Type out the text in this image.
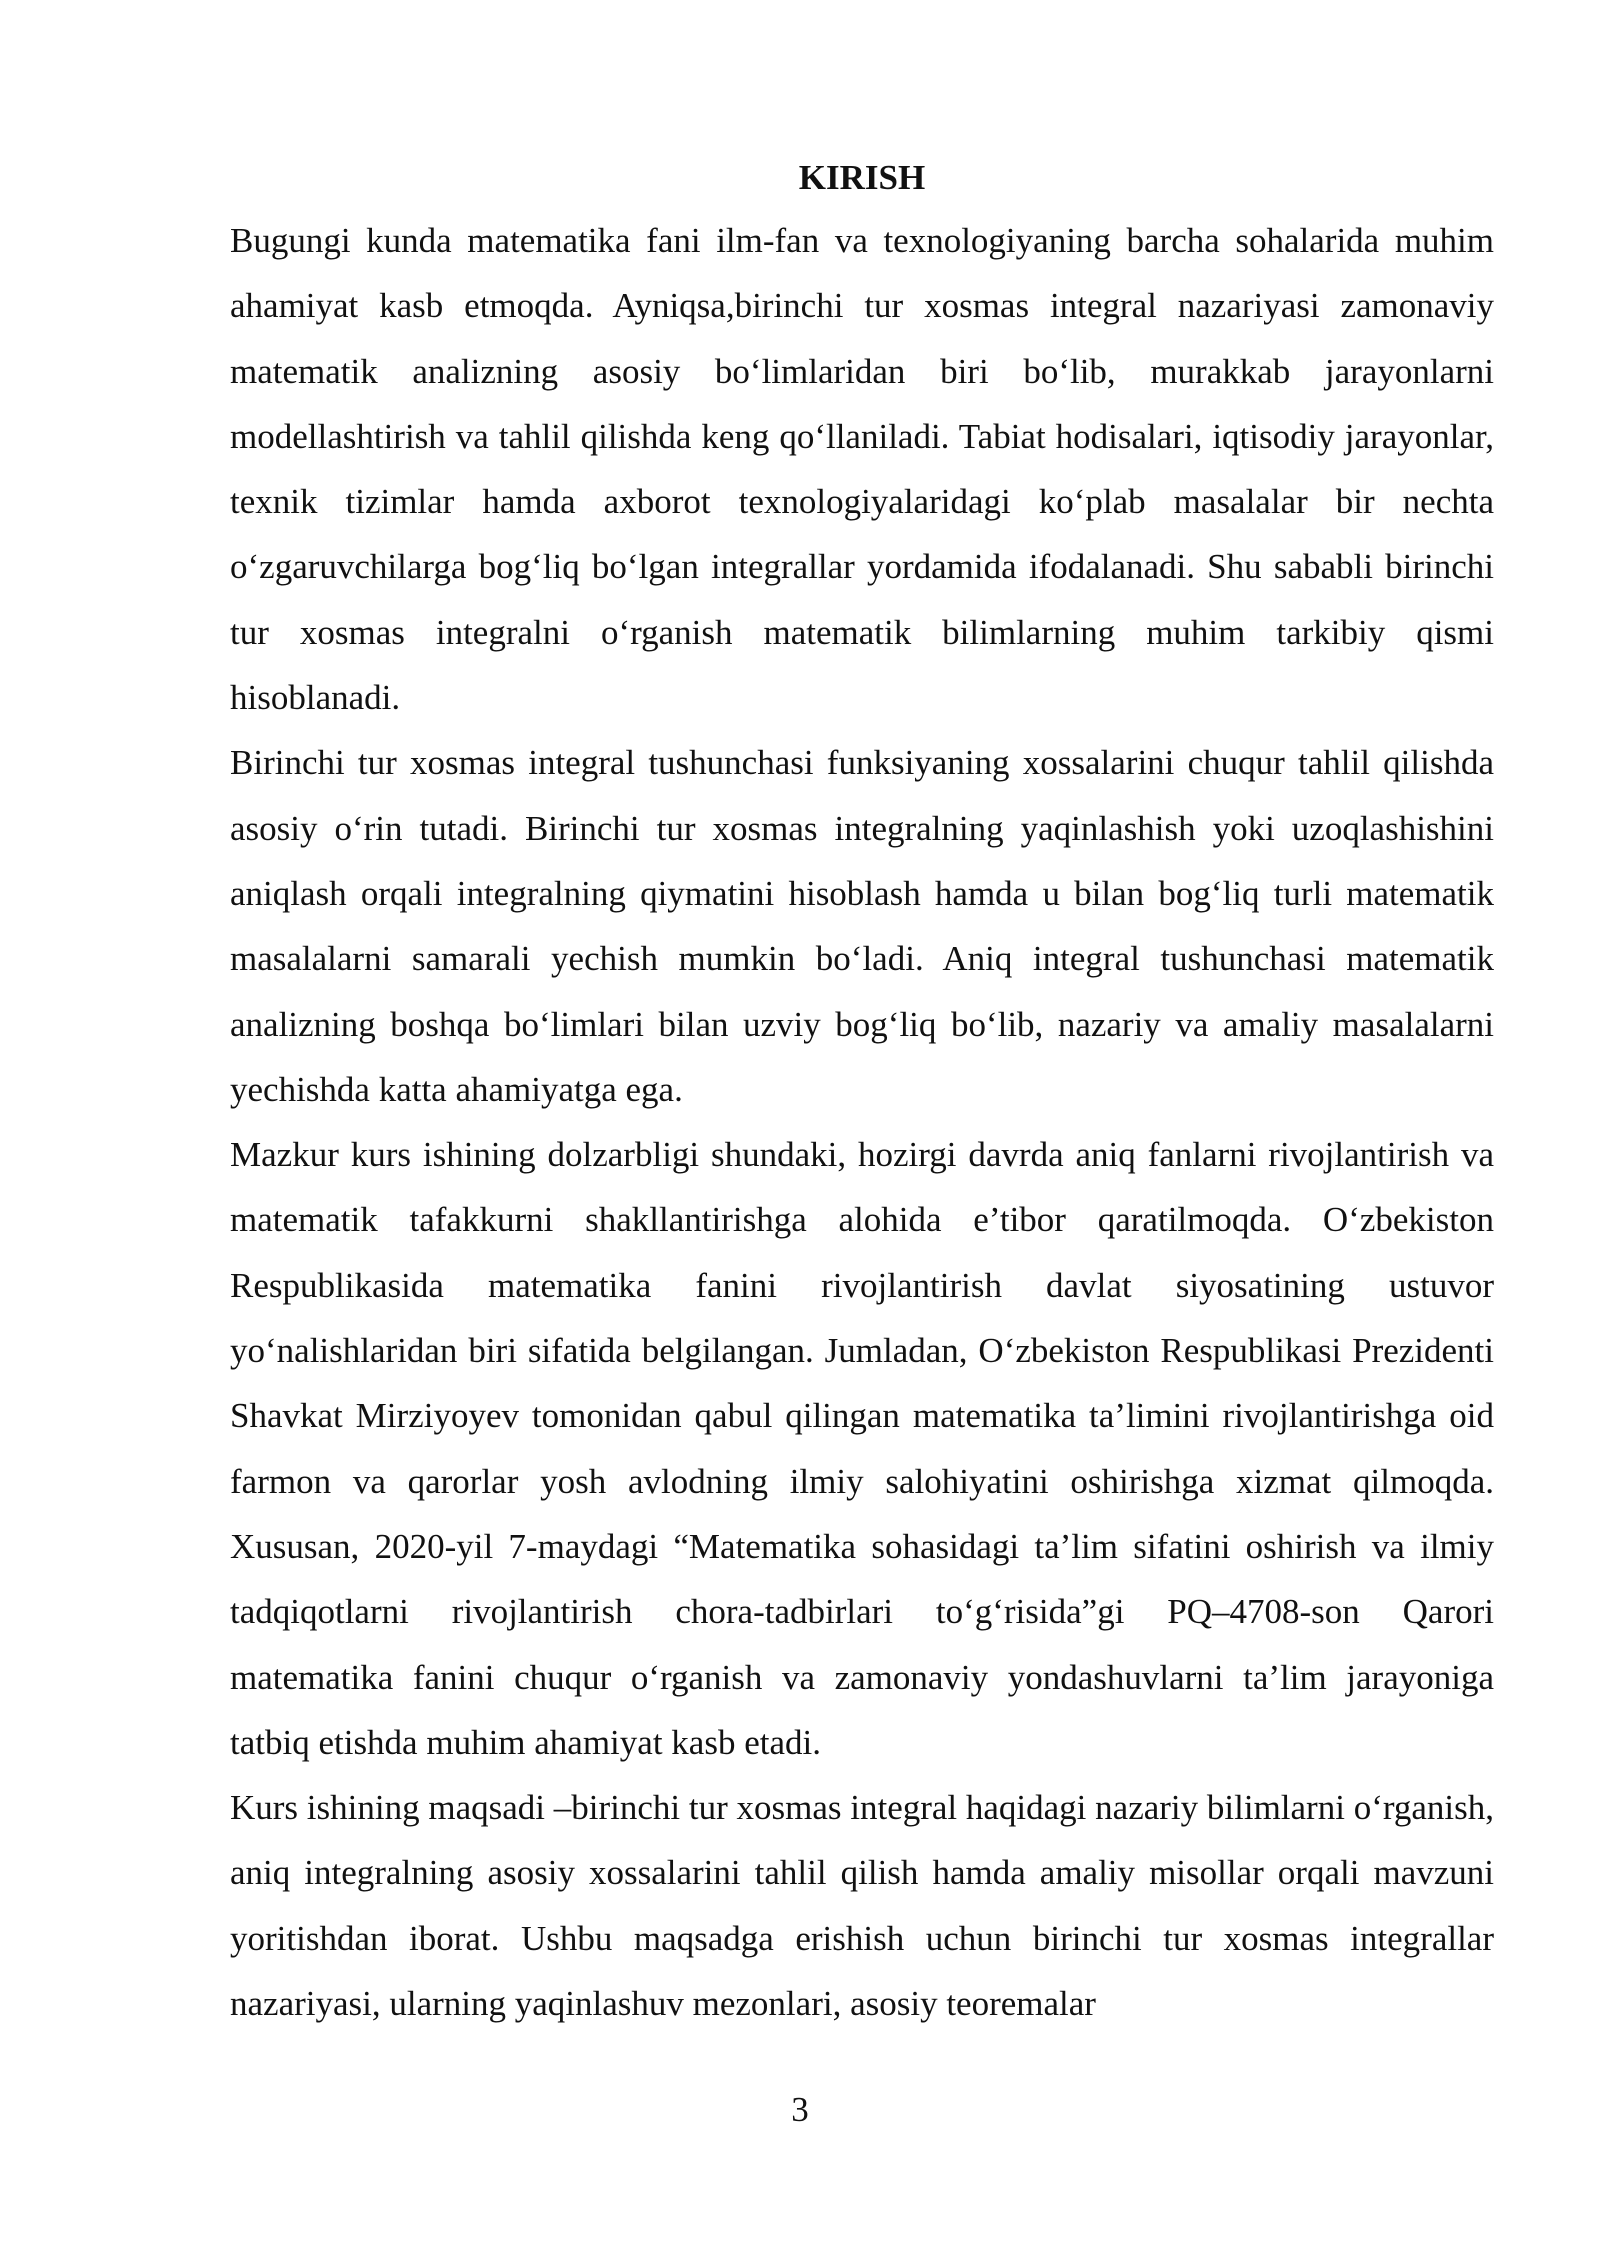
KIRISH

Bugungi kunda matematika fani ilm-fan va texnologiyaning barcha sohalarida muhim ahamiyat kasb etmoqda. Ayniqsa,birinchi tur xosmas integral nazariyasi zamonaviy matematik analizning asosiy bo‘limlaridan biri bo‘lib, murakkab jarayonlarni modellashtirish va tahlil qilishda keng qo‘llaniladi. Tabiat hodisalari, iqtisodiy jarayonlar, texnik tizimlar hamda axborot texnologiyalaridagi ko‘plab masalalar bir nechta o‘zgaruvchilarga bog‘liq bo‘lgan integrallar yordamida ifodalanadi. Shu sababli birinchi tur xosmas integralni o‘rganish matematik bilimlarning muhim tarkibiy qismi hisoblanadi.

Birinchi tur xosmas integral tushunchasi funksiyaning xossalarini chuqur tahlil qilishda asosiy o‘rin tutadi. Birinchi tur xosmas integralning yaqinlashish yoki uzoqlashishini aniqlash orqali integralning qiymatini hisoblash hamda u bilan bog‘liq turli matematik masalalarni samarali yechish mumkin bo‘ladi. Aniq integral tushunchasi matematik analizning boshqa bo‘limlari bilan uzviy bog‘liq bo‘lib, nazariy va amaliy masalalarni yechishda katta ahamiyatga ega.

Mazkur kurs ishining dolzarbligi shundaki, hozirgi davrda aniq fanlarni rivojlantirish va matematik tafakkurni shakllantirishga alohida e’tibor qaratilmoqda. O‘zbekiston Respublikasida matematika fanini rivojlantirish davlat siyosatining ustuvor yo‘nalishlaridan biri sifatida belgilangan. Jumladan, O‘zbekiston Respublikasi Prezidenti Shavkat Mirziyoyev tomonidan qabul qilingan matematika ta’limini rivojlantirishga oid farmon va qarorlar yosh avlodning ilmiy salohiyatini oshirishga xizmat qilmoqda. Xususan, 2020-yil 7-maydagi “Matematika sohasidagi ta’lim sifatini oshirish va ilmiy tadqiqotlarni rivojlantirish chora-tadbirlari to‘g‘risida”gi PQ–4708-son Qarori matematika fanini chuqur o‘rganish va zamonaviy yondashuvlarni ta’lim jarayoniga tatbiq etishda muhim ahamiyat kasb etadi.

Kurs ishining maqsadi –birinchi tur xosmas integral haqidagi nazariy bilimlarni o‘rganish, aniq integralning asosiy xossalarini tahlil qilish hamda amaliy misollar orqali mavzuni yoritishdan iborat. Ushbu maqsadga erishish uchun birinchi tur xosmas integrallar nazariyasi, ularning yaqinlashuv mezonlari, asosiy teoremalar

3
